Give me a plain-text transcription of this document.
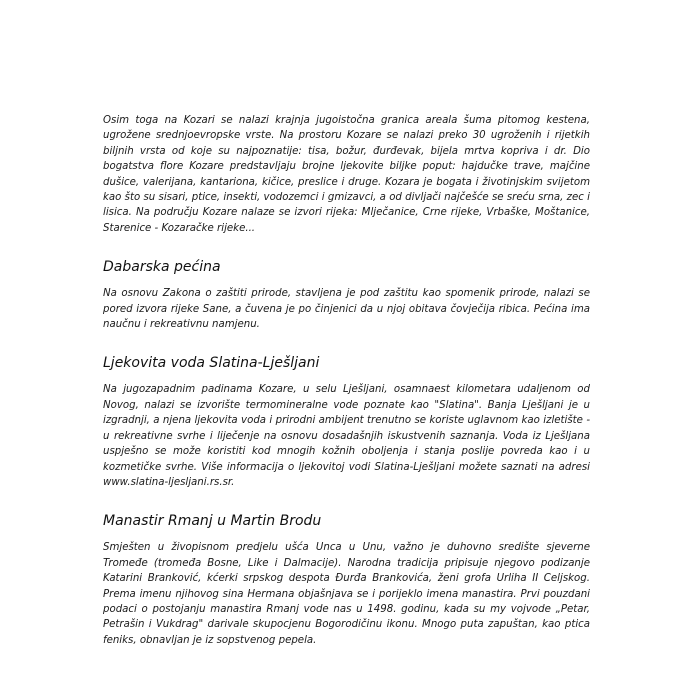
Osim toga na Kozari se nalazi krajnja jugoistočna granica areala šuma pitomog kestena, ugrožene srednjoevropske vrste. Na prostoru Kozare se nalazi preko 30 ugroženih i rijetkih biljnih vrsta od koje su najpoznatije: tisa, božur, đurđevak, bijela mrtva kopriva i dr. Dio bogatstva flore Kozare predstavljaju brojne ljekovite biljke poput: hajdučke trave, majčine dušice, valerijana, kantariona, kičice, preslice i druge. Kozara je bogata i životinjskim svijetom kao što su sisari, ptice, insekti, vodozemci i gmizavci, a od divljači najčešće se sreću srna, zec i lisica. Na području Kozare nalaze se izvori rijeka: Mlječanice, Crne rijeke, Vrbaške, Moštanice, Starenice - Kozaračke rijeke...

Dabarska pećina

Na osnovu Zakona o zaštiti prirode, stavljena je pod zaštitu kao spomenik prirode, nalazi se pored izvora rijeke Sane, a čuvena je po činjenici da u njoj obitava čovječija ribica. Pećina ima naučnu i rekreativnu namjenu.

Ljekovita voda Slatina-Lješljani

Na jugozapadnim padinama Kozare, u selu Lješljani, osamnaest kilometara udaljenom od Novog, nalazi se izvorište termomineralne vode poznate kao "Slatina". Banja Lješljani je u izgradnji, a njena ljekovita voda i prirodni ambijent trenutno se koriste uglavnom kao izletište - u rekreativne svrhe i liječenje na osnovu dosadašnjih iskustvenih saznanja. Voda iz Lješljana uspješno se može koristiti kod mnogih kožnih oboljenja i stanja poslije povreda kao i u kozmetičke svrhe. Više informacija o ljekovitoj vodi Slatina-Lješljani možete saznati na adresi www.slatina-ljesljani.rs.sr.

Manastir Rmanj u Martin Brodu

Smješten u živopisnom predjelu ušća Unca u Unu, važno je duhovno središte sjeverne Tromeđe (tromeđa Bosne, Like i Dalmacije). Narodna tradicija pripisuje njegovo podizanje Katarini Branković, kćerki srpskog despota Đurđa Brankovića, ženi grofa Urliha II Celjskog. Prema imenu njihovog sina Hermana objašnjava se i porijeklo imena manastira. Prvi pouzdani podaci o postojanju manastira Rmanj vode nas u 1498. godinu, kada su my vojvode „Petar, Petrašin i Vukdrag" darivale skupocjenu Bogorodičinu ikonu. Mnogo puta zapuštan, kao ptica feniks, obnavljan je iz sopstvenog pepela.
